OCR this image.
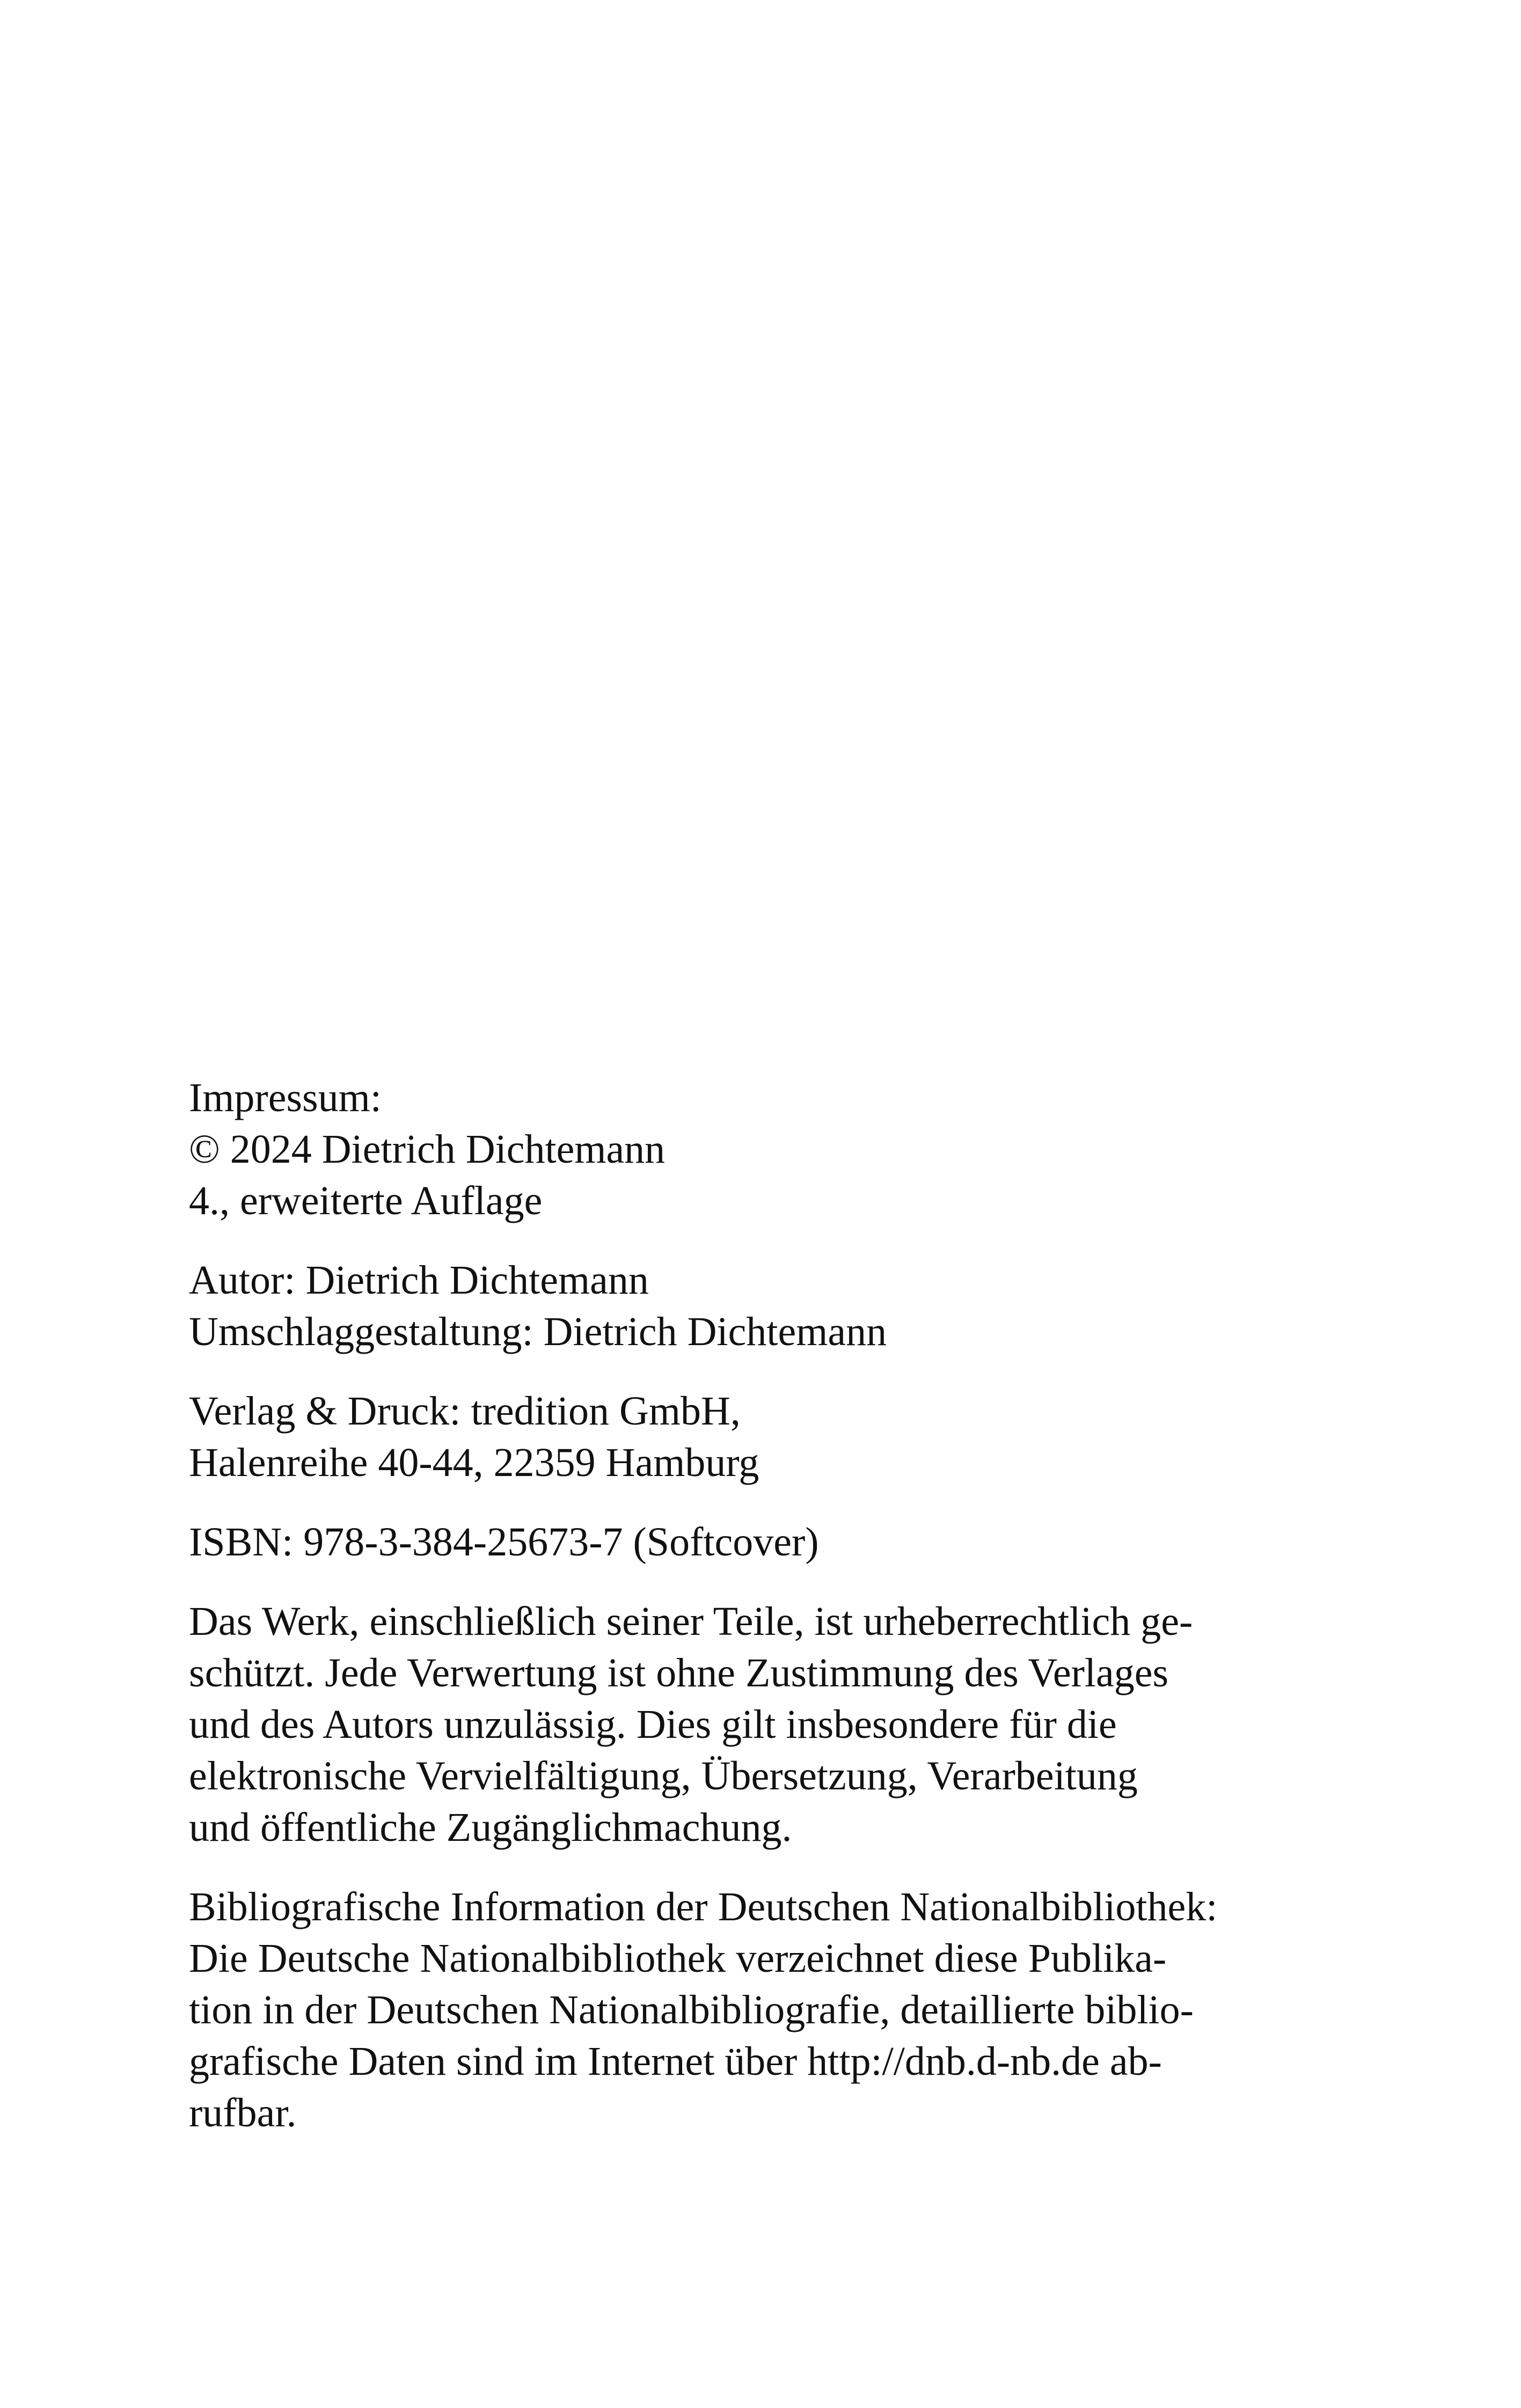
Impressum:
© 2024 Dietrich Dichtemann
4., erweiterte Auflage
Autor: Dietrich Dichtemann
Umschlaggestaltung: Dietrich Dichtemann
Verlag & Druck: tredition GmbH,
Halenreihe 40-44, 22359 Hamburg
ISBN: 978-3-384-25673-7 (Softcover)
Das Werk, einschließlich seiner Teile, ist urheberrechtlich ge-
schützt. Jede Verwertung ist ohne Zustimmung des Verlages
und des Autors unzulässig. Dies gilt insbesondere für die
elektronische Vervielfältigung, Übersetzung, Verarbeitung
und öffentliche Zugänglichmachung.
Bibliografische Information der Deutschen Nationalbibliothek:
Die Deutsche Nationalbibliothek verzeichnet diese Publika-
tion in der Deutschen Nationalbibliografie, detaillierte biblio-
grafische Daten sind im Internet über http://dnb.d-nb.de ab-
rufbar.
